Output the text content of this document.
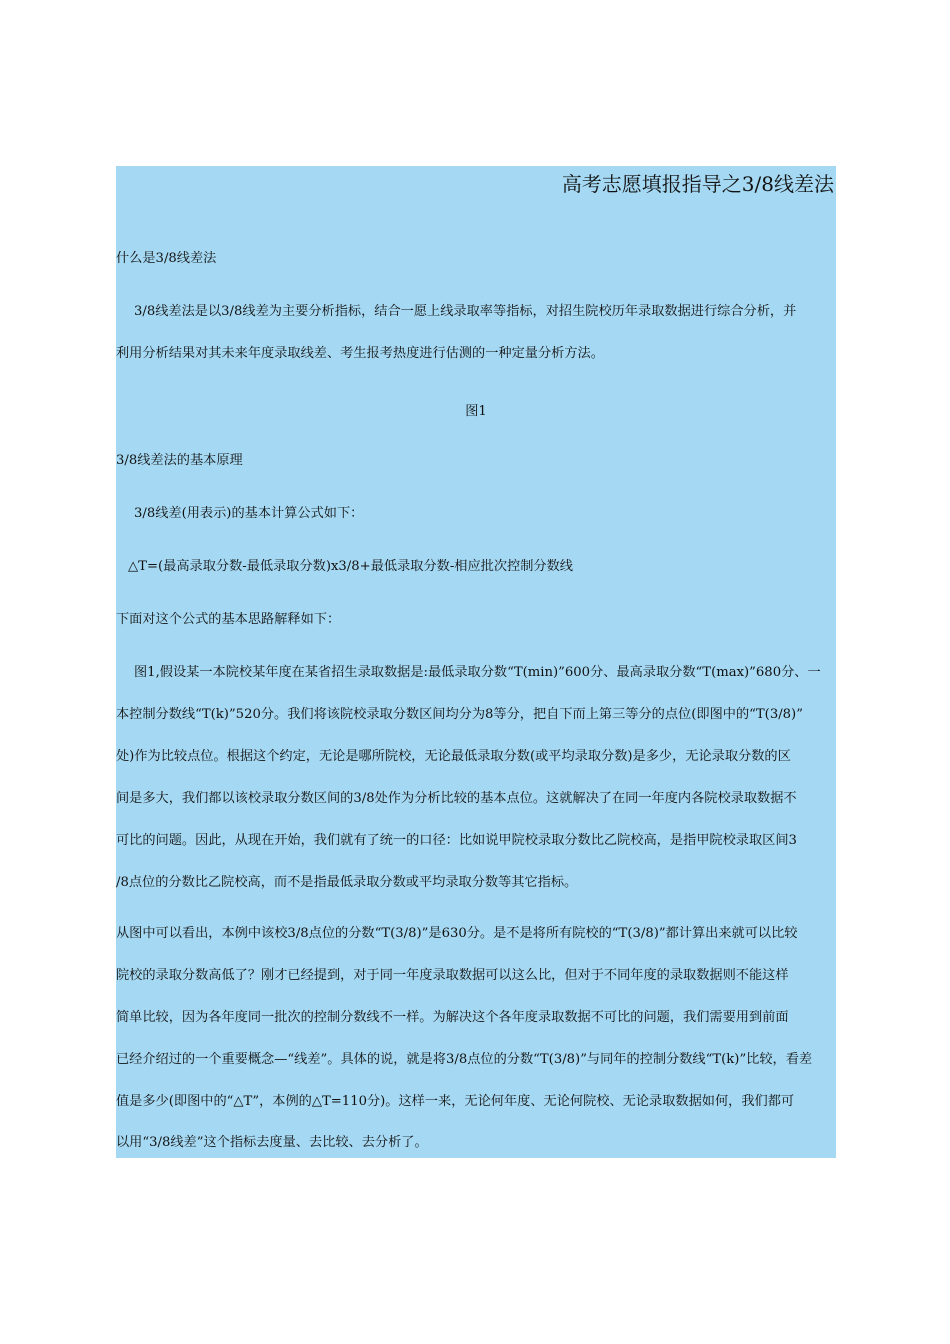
高考志愿填报指导之3/8线差法
什么是3/8线差法
3/8线差法是以3/8线差为主要分析指标，结合一愿上线录取率等指标，对招生院校历年录取数据进行综合分析，并
利用分析结果对其未来年度录取线差、考生报考热度进行估测的一种定量分析方法。
图1
3/8线差法的基本原理
3/8线差(用表示)的基本计算公式如下：
△T=(最高录取分数-最低录取分数)x3/8+最低录取分数-相应批次控制分数线
下面对这个公式的基本思路解释如下：
图1,假设某一本院校某年度在某省招生录取数据是:最低录取分数“T(min)”600分、最高录取分数“T(max)”680分、一
本控制分数线“T(k)”520分。我们将该院校录取分数区间均分为8等分，把自下而上第三等分的点位(即图中的“T(3/8)”
处)作为比较点位。根据这个约定，无论是哪所院校，无论最低录取分数(或平均录取分数)是多少，无论录取分数的区
间是多大，我们都以该校录取分数区间的3/8处作为分析比较的基本点位。这就解决了在同一年度内各院校录取数据不
可比的问题。因此，从现在开始，我们就有了统一的口径：比如说甲院校录取分数比乙院校高，是指甲院校录取区间3
/8点位的分数比乙院校高，而不是指最低录取分数或平均录取分数等其它指标。
从图中可以看出，本例中该校3/8点位的分数“T(3/8)”是630分。是不是将所有院校的“T(3/8)”都计算出来就可以比较
院校的录取分数高低了？刚才已经提到，对于同一年度录取数据可以这么比，但对于不同年度的录取数据则不能这样
简单比较，因为各年度同一批次的控制分数线不一样。为解决这个各年度录取数据不可比的问题，我们需要用到前面
已经介绍过的一个重要概念—“线差”。具体的说，就是将3/8点位的分数“T(3/8)”与同年的控制分数线“T(k)”比较，看差
值是多少(即图中的“△T”，本例的△T=110分)。这样一来，无论何年度、无论何院校、无论录取数据如何，我们都可
以用“3/8线差”这个指标去度量、去比较、去分析了。
